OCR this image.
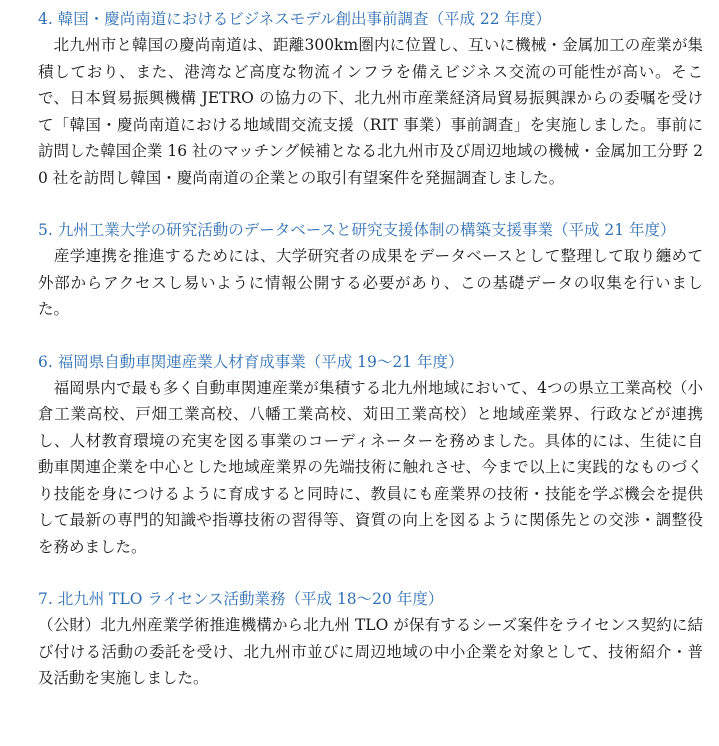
4. 韓国・慶尚南道におけるビジネスモデル創出事前調査（平成 22 年度）

　北九州市と韓国の慶尚南道は、距離300km圏内に位置し、互いに機械・金属加工の産業が集積しており、また、港湾など高度な物流インフラを備えビジネス交流の可能性が高い。そこで、日本貿易振興機構 JETRO の協力の下、北九州市産業経済局貿易振興課からの委嘱を受けて「韓国・慶尚南道における地域間交流支援（RIT 事業）事前調査」を実施しました。事前に訪問した韓国企業 16 社のマッチング候補となる北九州市及び周辺地域の機械・金属加工分野 20 社を訪問し韓国・慶尚南道の企業との取引有望案件を発掘調査しました。

5. 九州工業大学の研究活動のデータベースと研究支援体制の構築支援事業（平成 21 年度）

　産学連携を推進するためには、大学研究者の成果をデータベースとして整理して取り纏めて外部からアクセスし易いように情報公開する必要があり、この基礎データの収集を行いました。

6. 福岡県自動車関連産業人材育成事業（平成 19～21 年度）

　福岡県内で最も多く自動車関連産業が集積する北九州地域において、4つの県立工業高校（小倉工業高校、戸畑工業高校、八幡工業高校、苅田工業高校）と地域産業界、行政などが連携し、人材教育環境の充実を図る事業のコーディネーターを務めました。具体的には、生徒に自動車関連企業を中心とした地域産業界の先端技術に触れさせ、今まで以上に実践的なものづくり技能を身につけるように育成すると同時に、教員にも産業界の技術・技能を学ぶ機会を提供して最新の専門的知識や指導技術の習得等、資質の向上を図るように関係先との交渉・調整役を務めました。

7. 北九州 TLO ライセンス活動業務（平成 18～20 年度）

（公財）北九州産業学術推進機構から北九州 TLO が保有するシーズ案件をライセンス契約に結び付ける活動の委託を受け、北九州市並びに周辺地域の中小企業を対象として、技術紹介・普及活動を実施しました。
